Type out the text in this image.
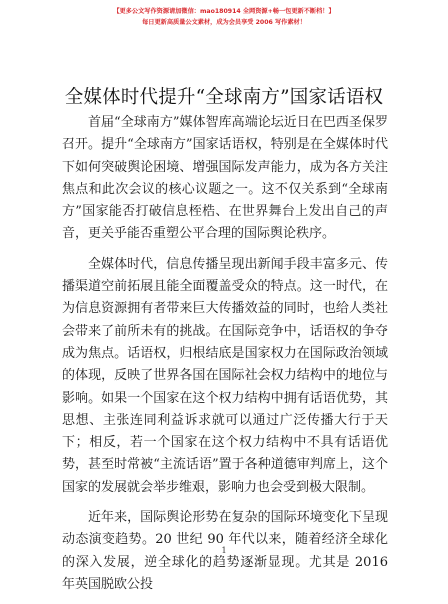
【更多公文写作资源请加微信：mao180914 全网资源+畅一包更新不断档！】
每日更新高质量公文素材，成为会员享受 2006 写作素材！
全媒体时代提升“全球南方”国家话语权

首届“全球南方”媒体智库高端论坛近日在巴西圣保罗召开。提升“全球南方”国家话语权，特别是在全媒体时代下如何突破舆论困境、增强国际发声能力，成为各方关注焦点和此次会议的核心议题之一。这不仅关系到“全球南方”国家能否打破信息桎梏、在世界舞台上发出自己的声音，更关乎能否重塑公平合理的国际舆论秩序。

全媒体时代，信息传播呈现出新闻手段丰富多元、传播渠道空前拓展且能全面覆盖受众的特点。这一时代，在为信息资源拥有者带来巨大传播效益的同时，也给人类社会带来了前所未有的挑战。在国际竞争中，话语权的争夺成为焦点。话语权，归根结底是国家权力在国际政治领域的体现，反映了世界各国在国际社会权力结构中的地位与影响。如果一个国家在这个权力结构中拥有话语优势，其思想、主张连同利益诉求就可以通过广泛传播大行于天下；相反，若一个国家在这个权力结构中不具有话语优势，甚至时常被“主流话语”置于各种道德审判席上，这个国家的发展就会举步维艰，影响力也会受到极大限制。

近年来，国际舆论形势在复杂的国际环境变化下呈现动态演变趋势。20 世纪 90 年代以来，随着经济全球化的深入发展，逆全球化的趋势逐渐显现。尤其是 2016 年英国脱欧公投

1
